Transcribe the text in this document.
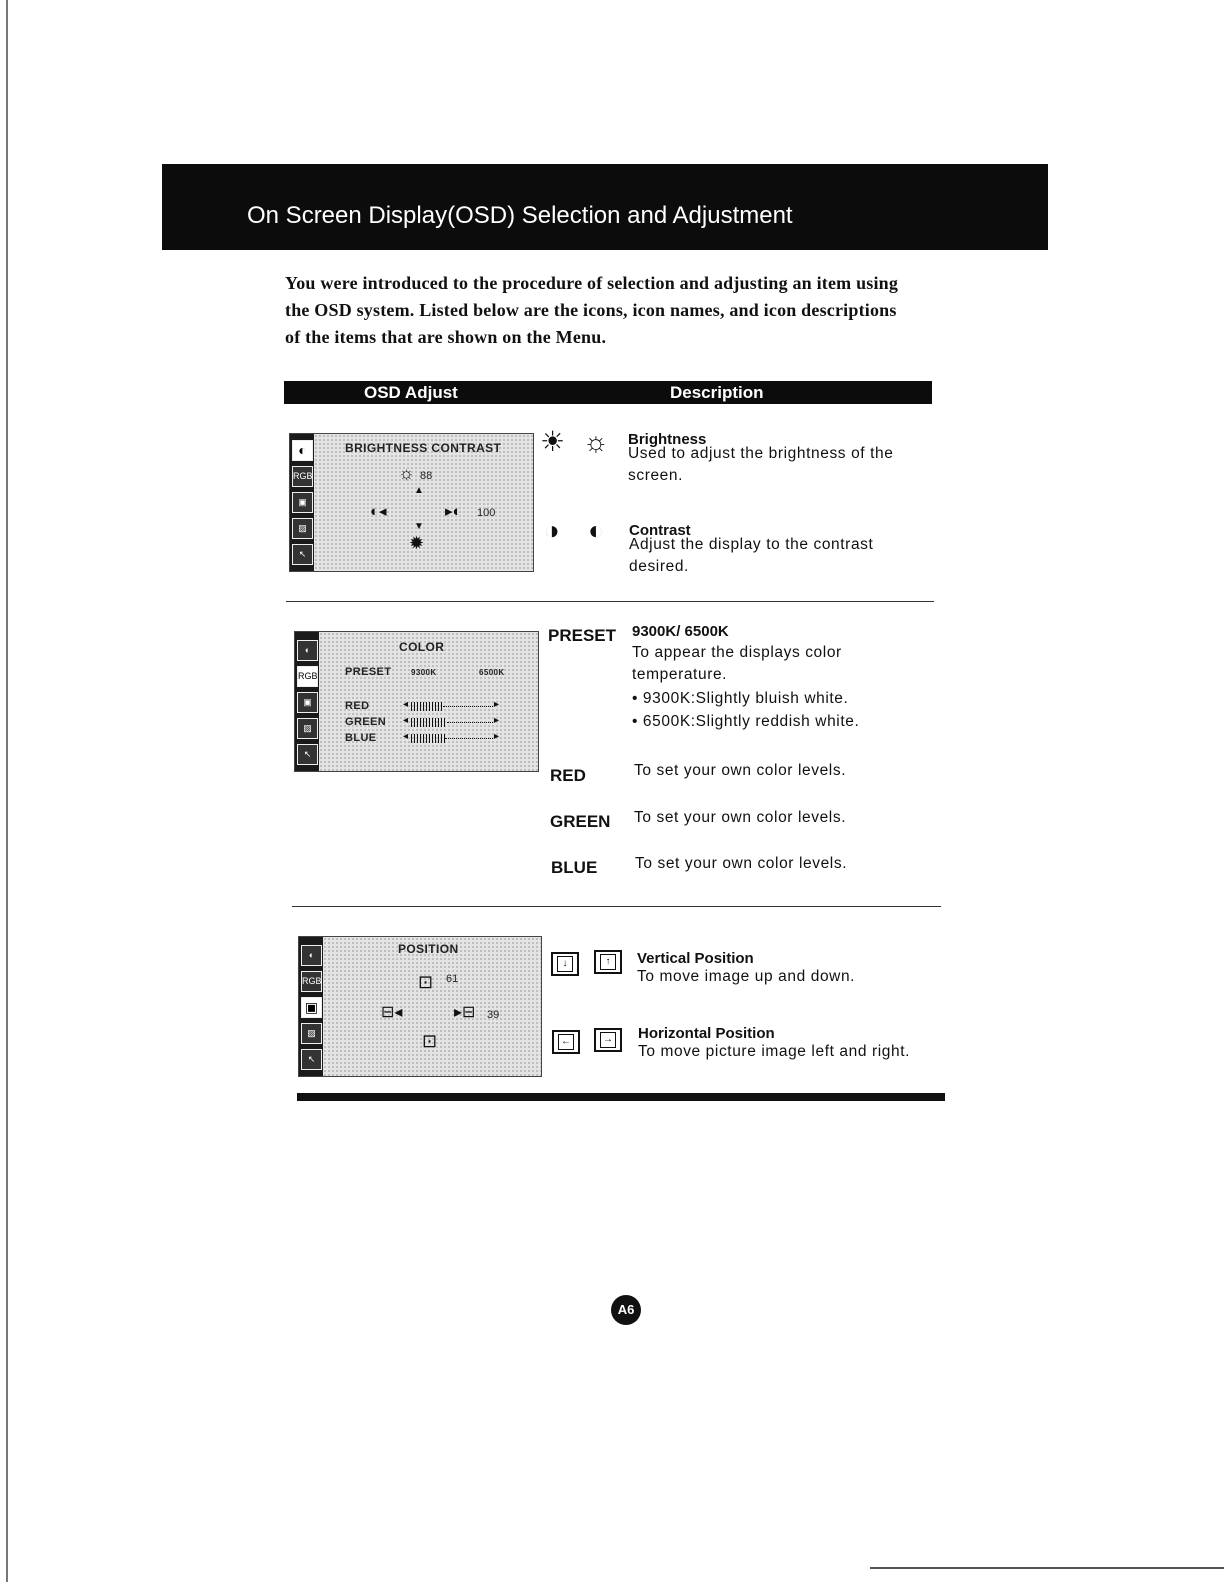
On Screen Display(OSD) Selection and Adjustment
You were introduced to the procedure of selection and adjusting an item using the OSD system. Listed below are the icons, icon names, and icon descriptions of the items that are shown on the Menu.
OSD Adjust	Description
◐
RGB
▣
▨
↖
BRIGHTNESS CONTRAST
☼ 88
▲
◐◂	▸◐ 100
▼
✹
☀ ☼ Brightness
Used to adjust the brightness of the screen.
◑ ◐ Contrast
Adjust the display to the contrast desired.
◐
RGB
▣
▨
↖
COLOR
PRESET 9300K	6500K
RED
GREEN
BLUE
◂	▸
◂	▸
◂	▸
PRESET 9300K/ 6500K
To appear the displays color temperature.
• 9300K:Slightly bluish white.
• 6500K:Slightly reddish white.
RED	To set your own color levels.
GREEN To set your own color levels.
BLUE To set your own color levels.
◐
RGB
▣
▨
↖
POSITION
⊡ 61
⊟◂	▸⊟ 39
⊡
↓	↑	Vertical Position
To move image up and down.
←	→ Horizontal Position
To move picture image left and right.
A6
